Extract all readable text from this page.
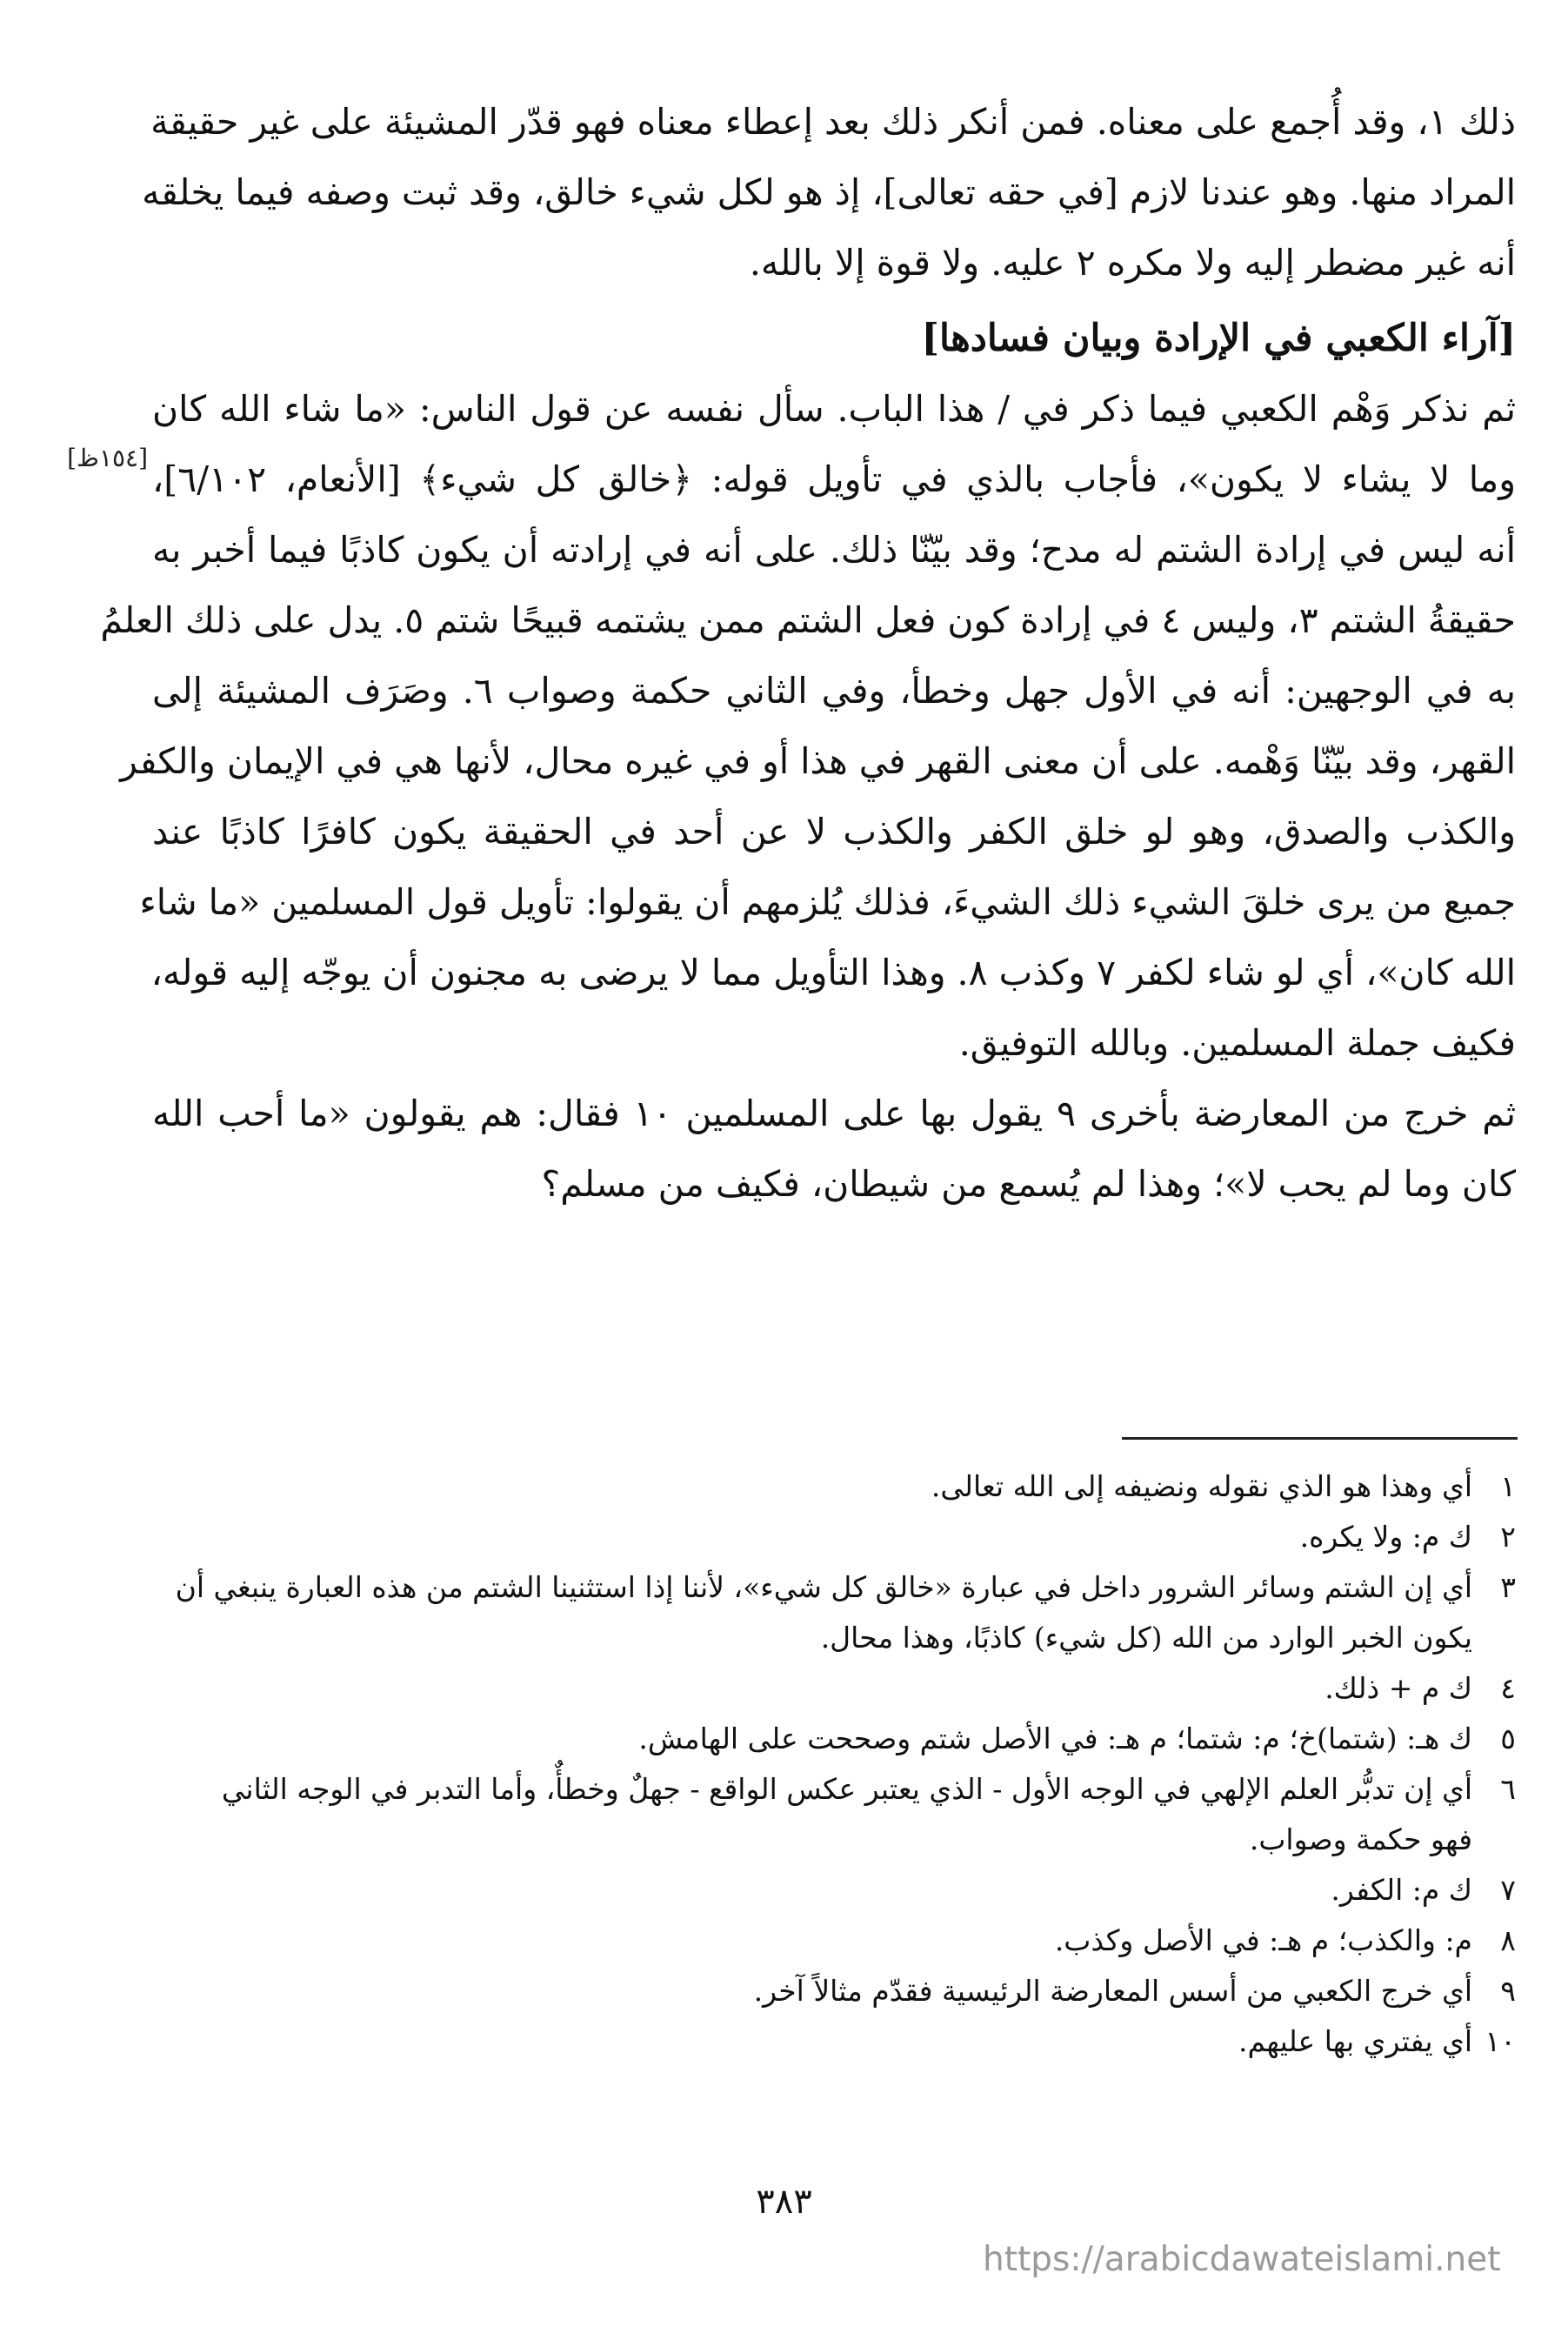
ذلك ١، وقد أُجمع على معناه. فمن أنكر ذلك بعد إعطاء معناه فهو قدّر المشيئة على غير حقيقة
المراد منها. وهو عندنا لازم [في حقه تعالى]، إذ هو لكل شيء خالق، وقد ثبت وصفه فيما يخلقه
أنه غير مضطر إليه ولا مكره ٢ عليه. ولا قوة إلا بالله.
[آراء الكعبي في الإرادة وبيان فسادها]
ثم نذكر وَهْم الكعبي فيما ذكر في / هذا الباب. سأل نفسه عن قول الناس: «ما شاء الله كان
وما لا يشاء لا يكون»، فأجاب بالذي في تأويل قوله: ﴿خالق كل شيء﴾ [الأنعام، ٦/١٠٢]،
أنه ليس في إرادة الشتم له مدح؛ وقد بيّنّا ذلك. على أنه في إرادته أن يكون كاذبًا فيما أخبر به
حقيقةُ الشتم ٣، وليس ٤ في إرادة كون فعل الشتم ممن يشتمه قبيحًا شتم ٥. يدل على ذلك العلمُ
به في الوجهين: أنه في الأول جهل وخطأ، وفي الثاني حكمة وصواب ٦. وصَرَف المشيئة إلى
القهر، وقد بيّنّا وَهْمه. على أن معنى القهر في هذا أو في غيره محال، لأنها هي في الإيمان والكفر
والكذب والصدق، وهو لو خلق الكفر والكذب لا عن أحد في الحقيقة يكون كافرًا كاذبًا عند
جميع من يرى خلقَ الشيء ذلك الشيءَ، فذلك يُلزمهم أن يقولوا: تأويل قول المسلمين «ما شاء
الله كان»، أي لو شاء لكفر ٧ وكذب ٨. وهذا التأويل مما لا يرضى به مجنون أن يوجّه إليه قوله،
فكيف جملة المسلمين. وبالله التوفيق.
ثم خرج من المعارضة بأخرى ٩ يقول بها على المسلمين ١٠ فقال: هم يقولون «ما أحب الله
كان وما لم يحب لا»؛ وهذا لم يُسمع من شيطان، فكيف من مسلم؟
[١٥٤ظ]
١
أي وهذا هو الذي نقوله ونضيفه إلى الله تعالى.
٢
ك م: ولا يكره.
٣
أي إن الشتم وسائر الشرور داخل في عبارة «خالق كل شيء»، لأننا إذا استثنينا الشتم من هذه العبارة ينبغي أن
يكون الخبر الوارد من الله (كل شيء) كاذبًا، وهذا محال.
٤
ك م + ذلك.
٥
ك هـ: (شتما)خ؛ م: شتما؛ م هـ: في الأصل شتم وصححت على الهامش.
٦
أي إن تدبُّر العلم الإلهي في الوجه الأول - الذي يعتبر عكس الواقع - جهلٌ وخطأٌ، وأما التدبر في الوجه الثاني
فهو حكمة وصواب.
٧
ك م: الكفر.
٨
م: والكذب؛ م هـ: في الأصل وكذب.
٩
أي خرج الكعبي من أسس المعارضة الرئيسية فقدّم مثالاً آخر.
١٠
أي يفتري بها عليهم.
٣٨٣
https://arabicdawateislami.net
